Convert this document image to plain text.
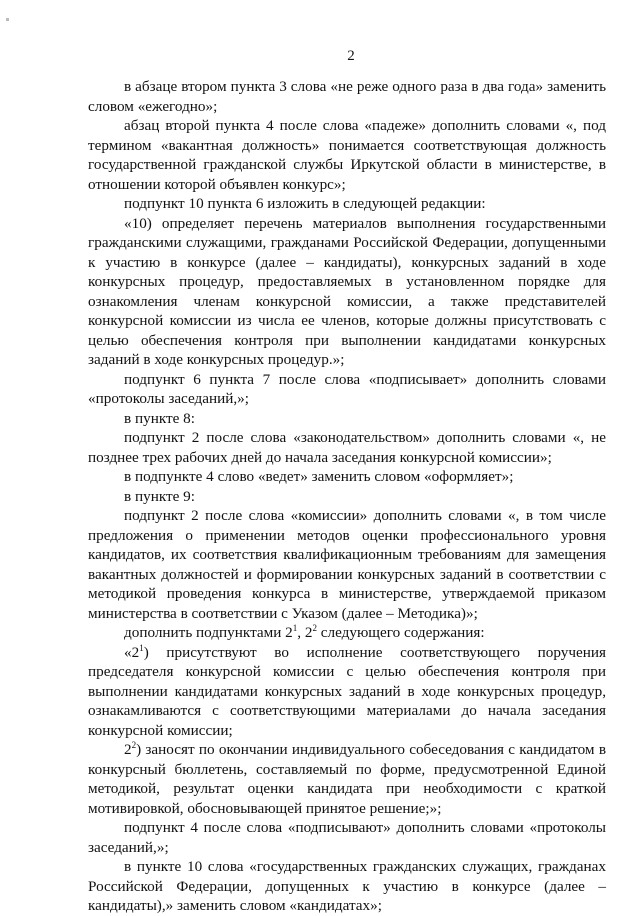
2

в абзаце втором пункта 3 слова «не реже одного раза в два года» заменить словом «ежегодно»;

абзац второй пункта 4 после слова «падеже» дополнить словами «, под термином «вакантная должность» понимается соответствующая должность государственной гражданской службы Иркутской области в министерстве, в отношении которой объявлен конкурс»;

подпункт 10 пункта 6 изложить в следующей редакции:

«10) определяет перечень материалов выполнения государственными гражданскими служащими, гражданами Российской Федерации, допущенными к участию в конкурсе (далее – кандидаты), конкурсных заданий в ходе конкурсных процедур, предоставляемых в установленном порядке для ознакомления членам конкурсной комиссии, а также представителей конкурсной комиссии из числа ее членов, которые должны присутствовать с целью обеспечения контроля при выполнении кандидатами конкурсных заданий в ходе конкурсных процедур.»;

подпункт 6 пункта 7 после слова «подписывает» дополнить словами «протоколы заседаний,»;

в пункте 8:

подпункт 2 после слова «законодательством» дополнить словами «, не позднее трех рабочих дней до начала заседания конкурсной комиссии»;

в подпункте 4 слово «ведет» заменить словом «оформляет»;

в пункте 9:

подпункт 2 после слова «комиссии» дополнить словами «, в том числе предложения о применении методов оценки профессионального уровня кандидатов, их соответствия квалификационным требованиям для замещения вакантных должностей и формировании конкурсных заданий в соответствии с методикой проведения конкурса в министерстве, утверждаемой приказом министерства в соответствии с Указом (далее – Методика)»;

дополнить подпунктами $2^1$, $2^2$ следующего содержания:

«$2^1$) присутствуют во исполнение соответствующего поручения председателя конкурсной комиссии с целью обеспечения контроля при выполнении кандидатами конкурсных заданий в ходе конкурсных процедур, ознакамливаются с соответствующими материалами до начала заседания конкурсной комиссии;

$2^2$) заносят по окончании индивидуального собеседования с кандидатом в конкурсный бюллетень, составляемый по форме, предусмотренной Единой методикой, результат оценки кандидата при необходимости с краткой мотивировкой, обосновывающей принятое решение;»;

подпункт 4 после слова «подписывают» дополнить словами «протоколы заседаний,»;

в пункте 10 слова «государственных гражданских служащих, гражданах Российской Федерации, допущенных к участию в конкурсе (далее – кандидаты),» заменить словом «кандидатах»;
